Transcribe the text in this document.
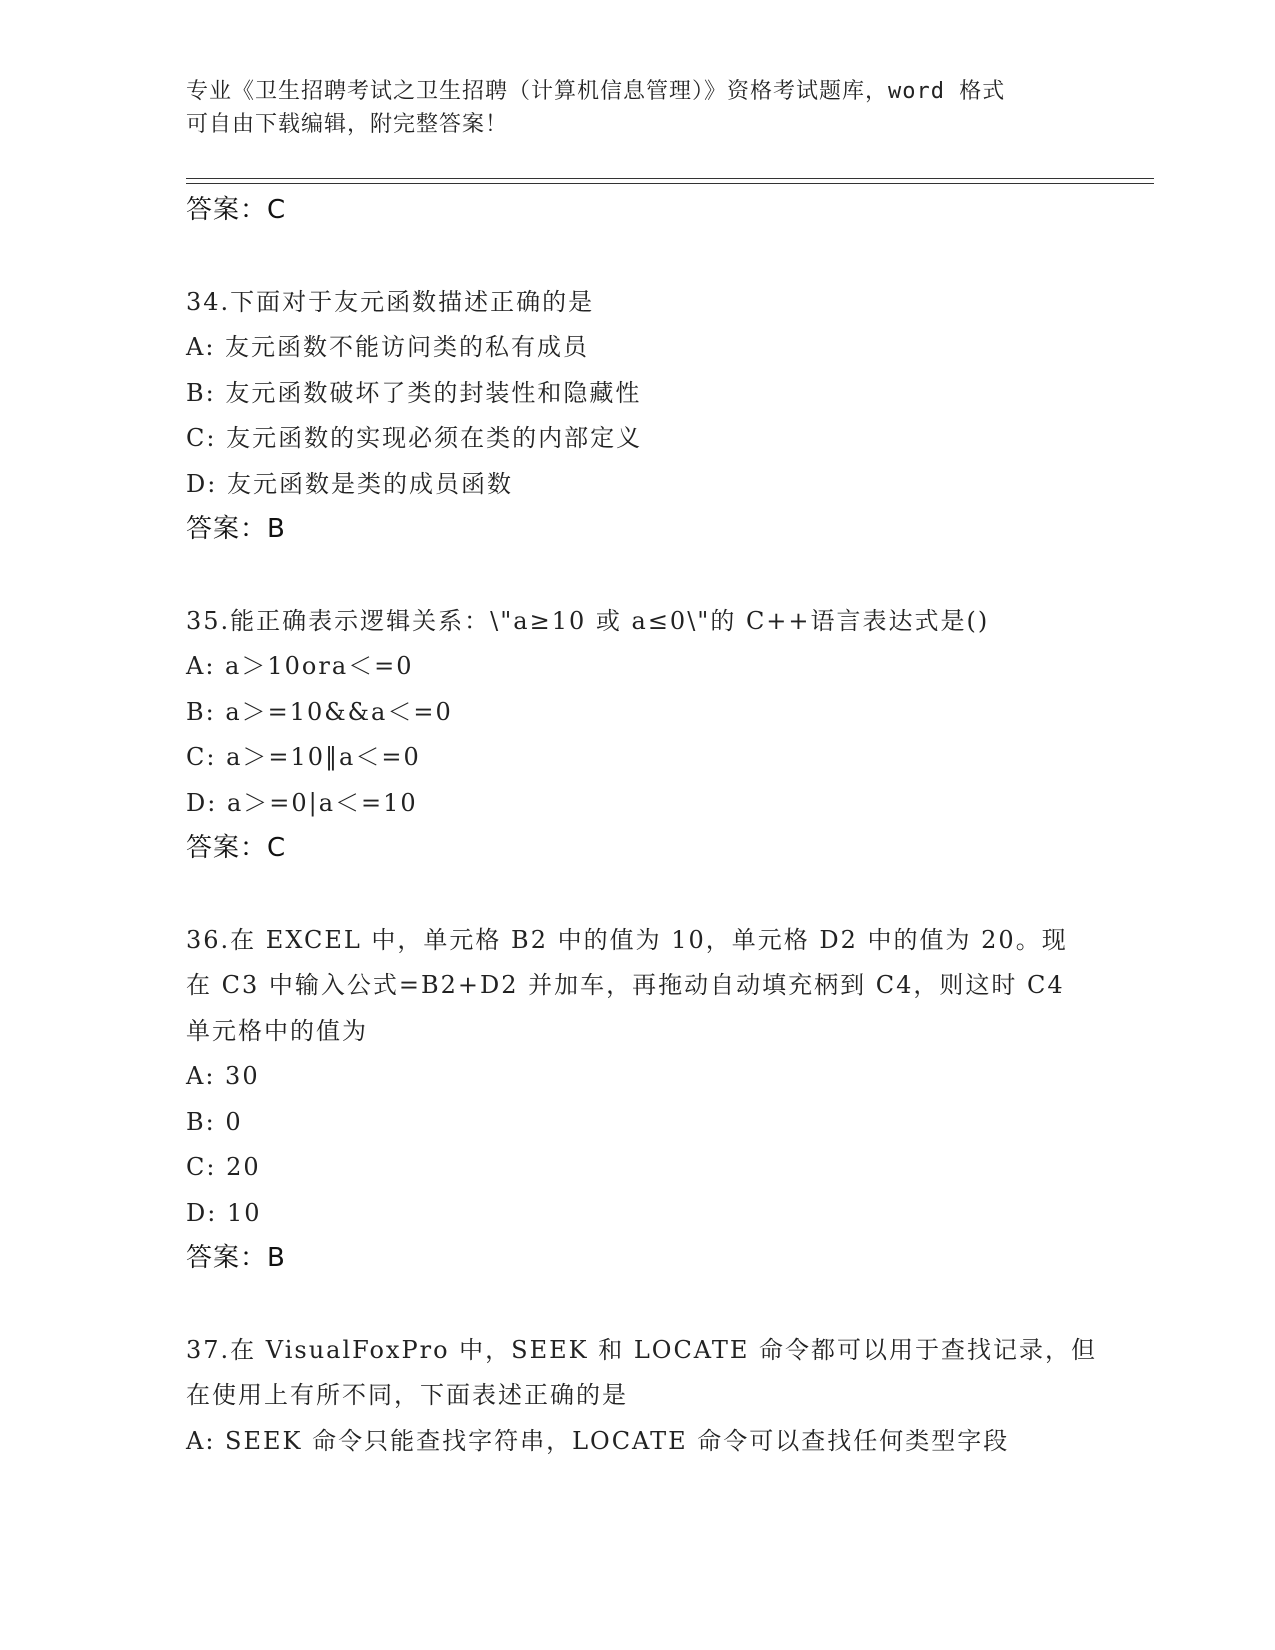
专业《卫生招聘考试之卫生招聘（计算机信息管理）》资格考试题库，word 格式
可自由下载编辑，附完整答案！
答案：C
34.下面对于友元函数描述正确的是
A: 友元函数不能访问类的私有成员
B: 友元函数破坏了类的封装性和隐藏性
C: 友元函数的实现必须在类的内部定义
D: 友元函数是类的成员函数
答案：B
35.能正确表示逻辑关系：\"a≥10 或 a≤0\"的 C++语言表达式是()
A: a＞10ora＜=0
B: a＞=10&&a＜=0
C: a＞=10‖a＜=0
D: a＞=0|a＜=10
答案：C
36.在 EXCEL 中，单元格 B2 中的值为 10，单元格 D2 中的值为 20。现
在 C3 中输入公式=B2+D2 并加车，再拖动自动填充柄到 C4，则这时 C4
单元格中的值为
A: 30
B: 0
C: 20
D: 10
答案：B
37.在 VisualFoxPro 中，SEEK 和 LOCATE 命令都可以用于查找记录，但
在使用上有所不同，下面表述正确的是
A: SEEK 命令只能查找字符串，LOCATE 命令可以查找任何类型字段
